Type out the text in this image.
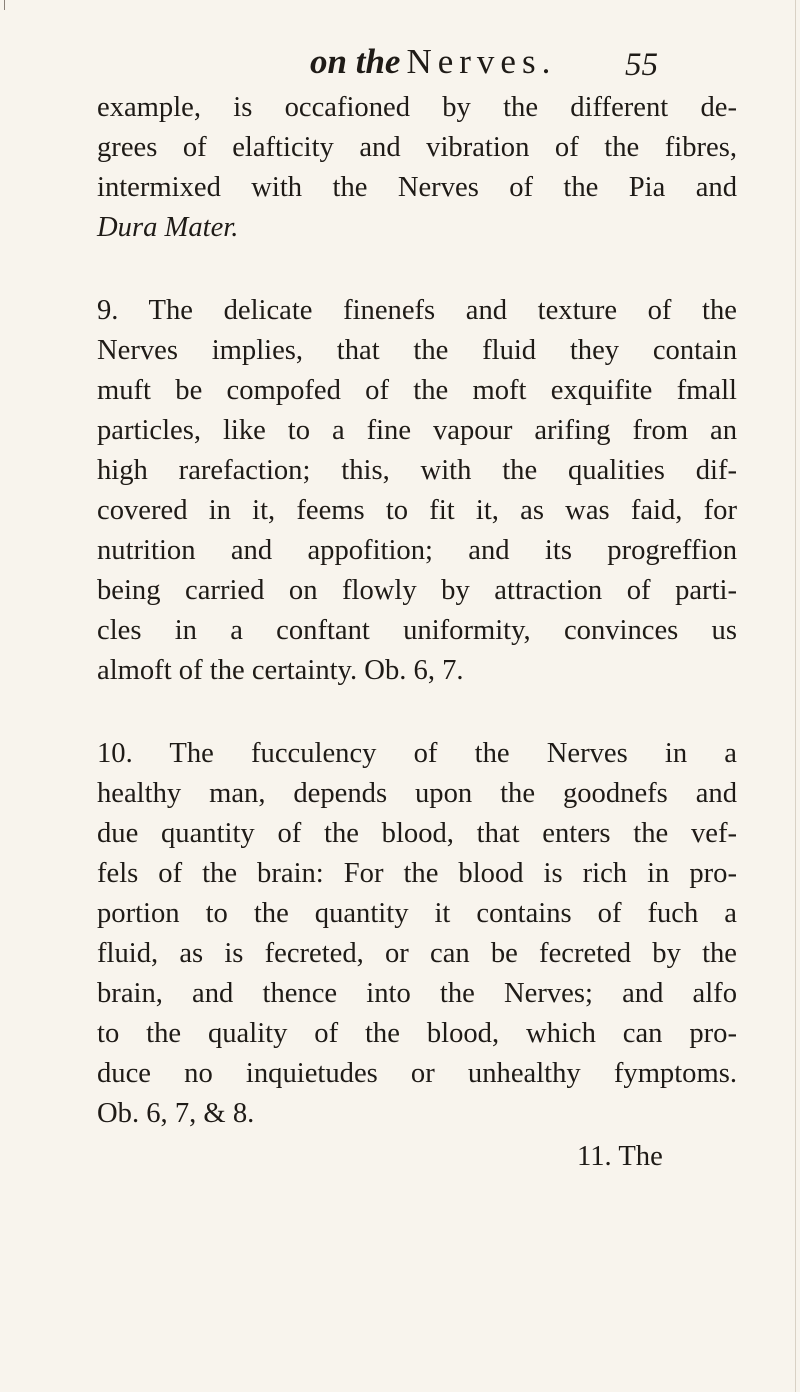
on the Nerves. 55
example, is occafioned by the different de-
grees of elafticity and vibration of the fibres,
intermixed with the Nerves of the Pia and
Dura Mater.
9. The delicate finenefs and texture of the
Nerves implies, that the fluid they contain
muft be compofed of the moft exquifite fmall
particles, like to a fine vapour arifing from an
high rarefaction; this, with the qualities dif-
covered in it, feems to fit it, as was faid, for
nutrition and appofition; and its progreffion
being carried on flowly by attraction of parti-
cles in a conftant uniformity, convinces us
almoft of the certainty. Ob. 6, 7.
10. The fucculency of the Nerves in a
healthy man, depends upon the goodnefs and
due quantity of the blood, that enters the vef-
fels of the brain: For the blood is rich in pro-
portion to the quantity it contains of fuch a
fluid, as is fecreted, or can be fecreted by the
brain, and thence into the Nerves; and alfo
to the quality of the blood, which can pro-
duce no inquietudes or unhealthy fymptoms.
Ob. 6, 7, & 8.
11. The
